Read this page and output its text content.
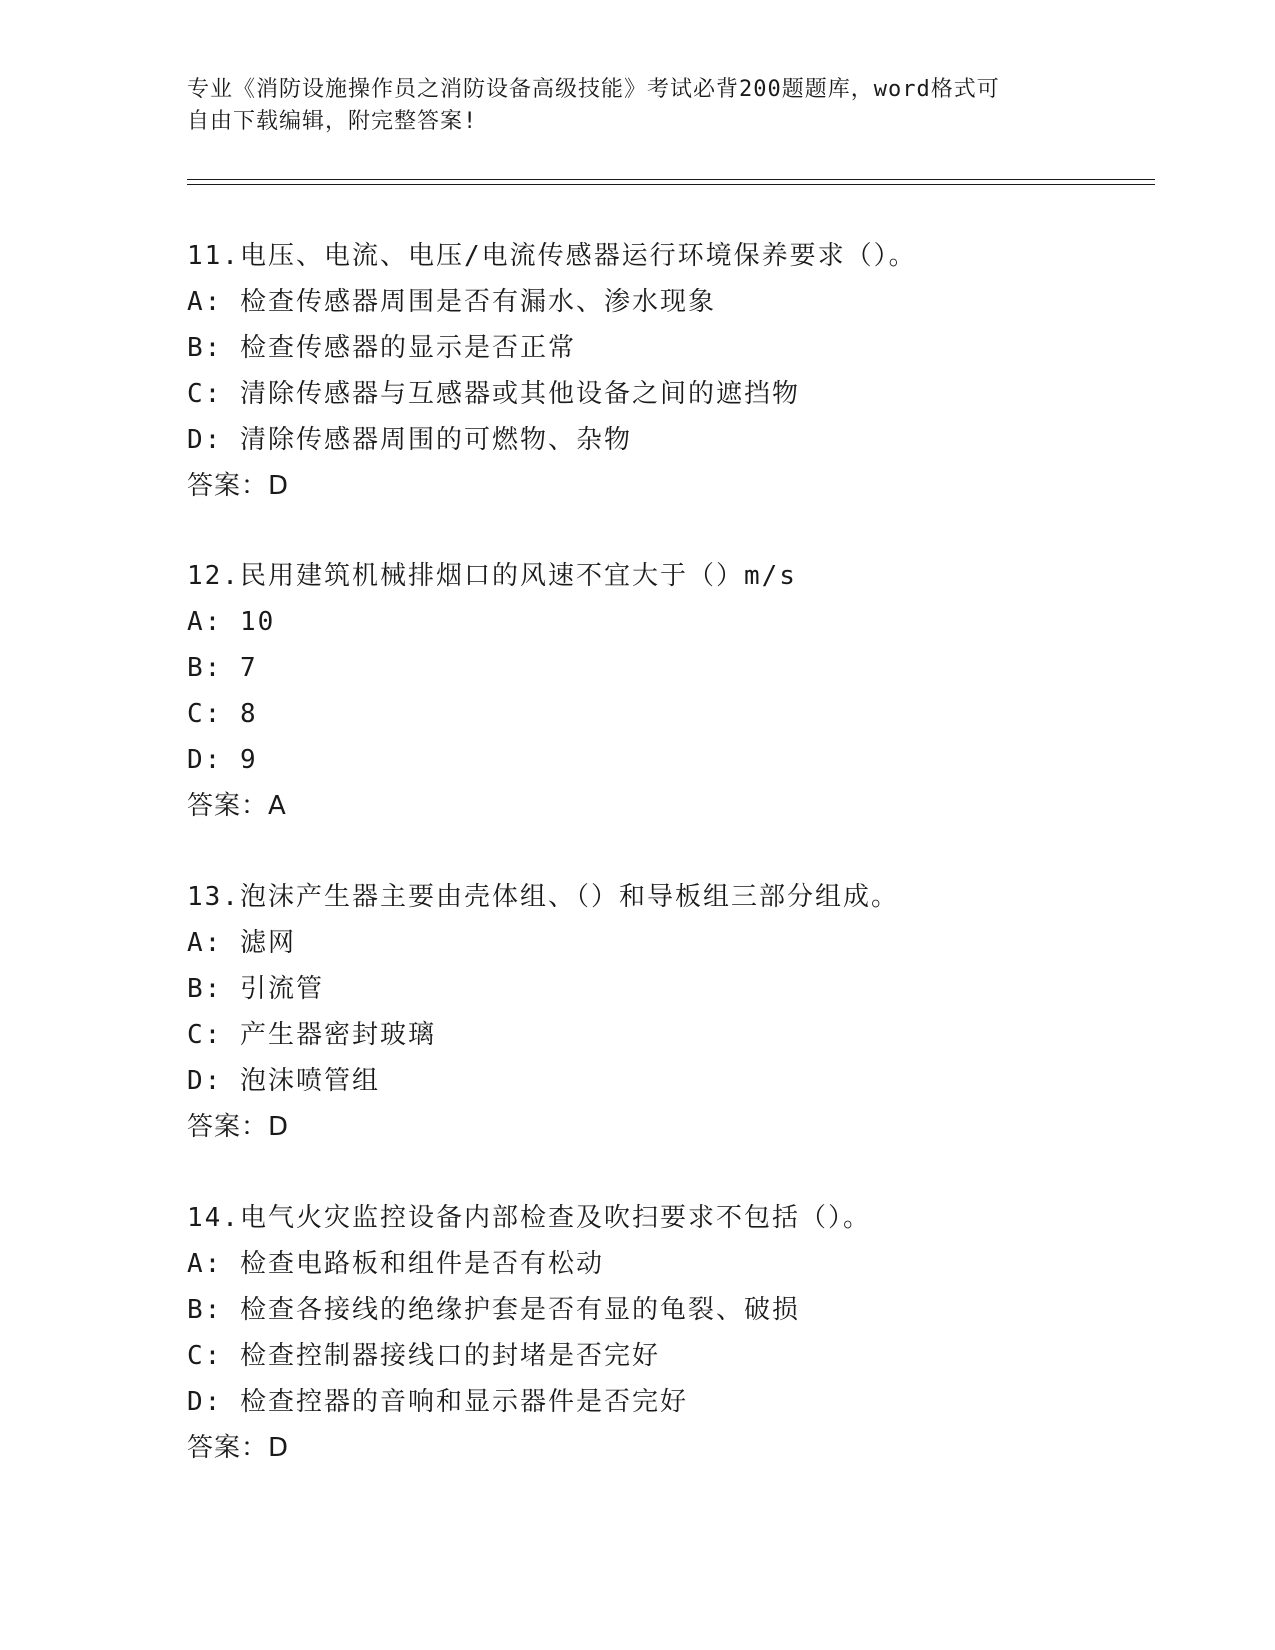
专业《消防设施操作员之消防设备高级技能》考试必背200题题库，word格式可
自由下载编辑，附完整答案!
11.电压、电流、电压/电流传感器运行环境保养要求（）。
A: 检查传感器周围是否有漏水、渗水现象
B: 检查传感器的显示是否正常
C: 清除传感器与互感器或其他设备之间的遮挡物
D: 清除传感器周围的可燃物、杂物
答案：D
12.民用建筑机械排烟口的风速不宜大于（）m/s
A: 10
B: 7
C: 8
D: 9
答案：A
13.泡沫产生器主要由壳体组、（）和导板组三部分组成。
A: 滤网
B: 引流管
C: 产生器密封玻璃
D: 泡沫喷管组
答案：D
14.电气火灾监控设备内部检查及吹扫要求不包括（）。
A: 检查电路板和组件是否有松动
B: 检查各接线的绝缘护套是否有显的龟裂、破损
C: 检查控制器接线口的封堵是否完好
D: 检查控器的音响和显示器件是否完好
答案：D
